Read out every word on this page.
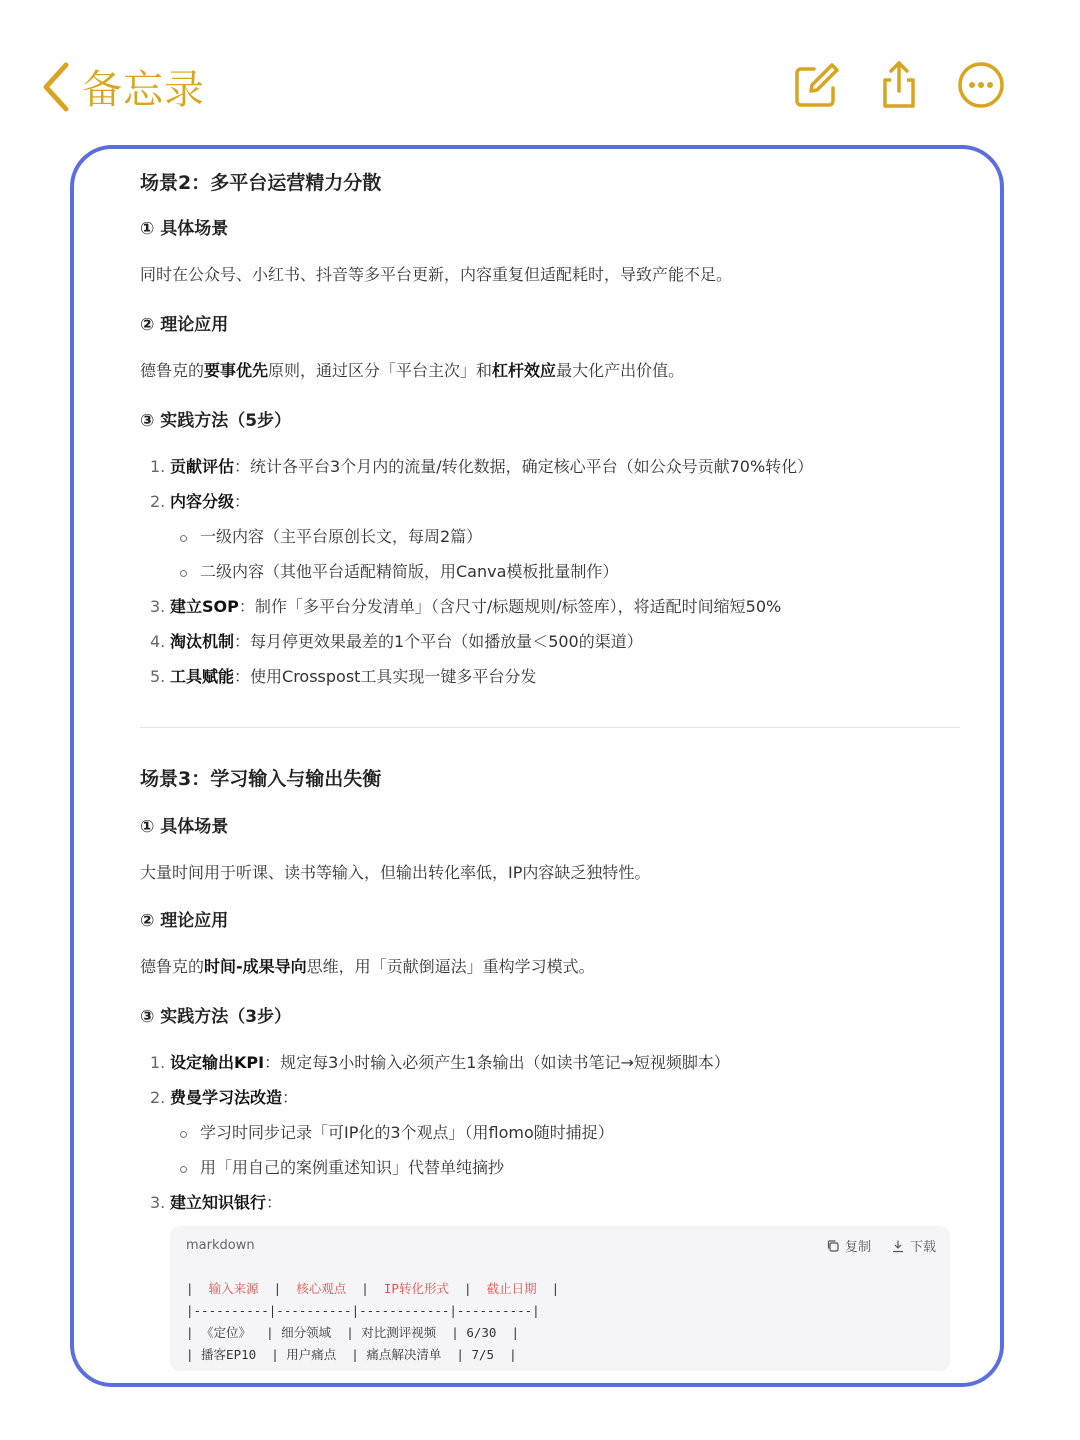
备忘录
场景2：多平台运营精力分散
① 具体场景
同时在公众号、小红书、抖音等多平台更新，内容重复但适配耗时，导致产能不足。
② 理论应用
德鲁克的要事优先原则，通过区分「平台主次」和杠杆效应最大化产出价值。
③ 实践方法（5步）
1. 贡献评估：统计各平台3个月内的流量/转化数据，确定核心平台（如公众号贡献70%转化）
2. 内容分级：
一级内容（主平台原创长文，每周2篇）
二级内容（其他平台适配精简版，用Canva模板批量制作）
3. 建立SOP：制作「多平台分发清单」（含尺寸/标题规则/标签库），将适配时间缩短50%
4. 淘汰机制：每月停更效果最差的1个平台（如播放量＜500的渠道）
5. 工具赋能：使用Crosspost工具实现一键多平台分发
场景3：学习输入与输出失衡
① 具体场景
大量时间用于听课、读书等输入，但输出转化率低，IP内容缺乏独特性。
② 理论应用
德鲁克的时间-成果导向思维，用「贡献倒逼法」重构学习模式。
③ 实践方法（3步）
1. 设定输出KPI：规定每3小时输入必须产生1条输出（如读书笔记→短视频脚本）
2. 费曼学习法改造：
学习时同步记录「可IP化的3个观点」（用flomo随时捕捉）
用「用自己的案例重述知识」代替单纯摘抄
3. 建立知识银行：
markdown	复制	下载
|  输入来源  |  核心观点  |  IP转化形式  |  截止日期  |
|----------|----------|------------|----------|
| 《定位》  | 细分领域  | 对比测评视频  | 6/30  |
| 播客EP10  | 用户痛点  | 痛点解决清单  | 7/5  |
